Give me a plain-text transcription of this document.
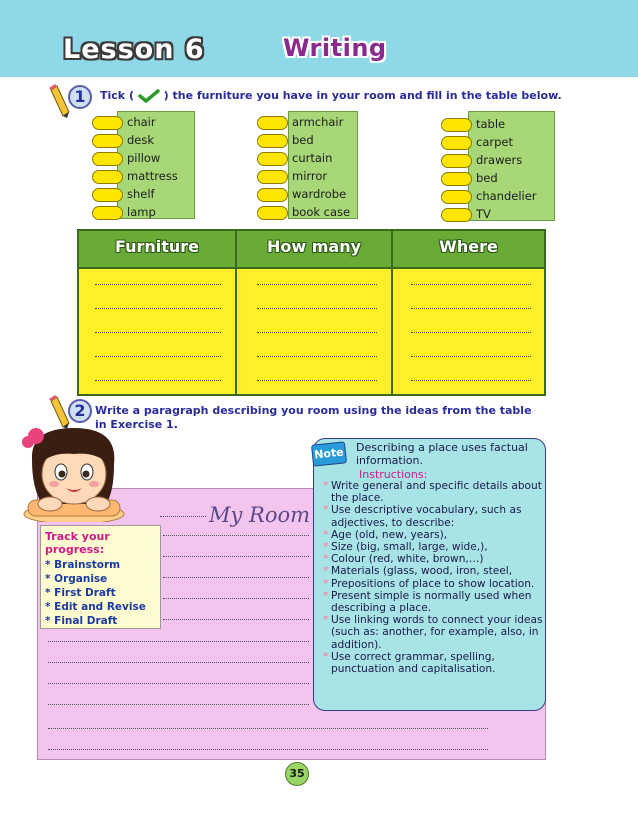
Lesson 6	Writing
1	Tick (	) the furniture you have in your room and fill in the table below.
chair
desk
pillow
mattress
shelf
lamp
armchair
bed
curtain
mirror
wardrobe
book case
table
carpet
drawers
bed
chandelier
TV
Furniture	How many	Where
2 Write a paragraph describing you room using the ideas from the table
in Exercise 1.
My Room
Track your progress:
* Brainstorm
* Organise
* First Draft
* Edit and Revise
* Final Draft
Describing a place uses factual information.
Instructions:
* Write general and specific details about the place.
* Use descriptive vocabulary, such as adjectives, to describe:
* Age (old, new, years),
* Size (big, small, large, wide,),
* Colour (red, white, brown,…)
* Materials (glass, wood, iron, steel,
* Prepositions of place to show location.
* Present simple is normally used when describing a place.
* Use linking words to connect your ideas (such as: another, for example, also, in addition).
* Use correct grammar, spelling, punctuation and capitalisation.
Note
35
